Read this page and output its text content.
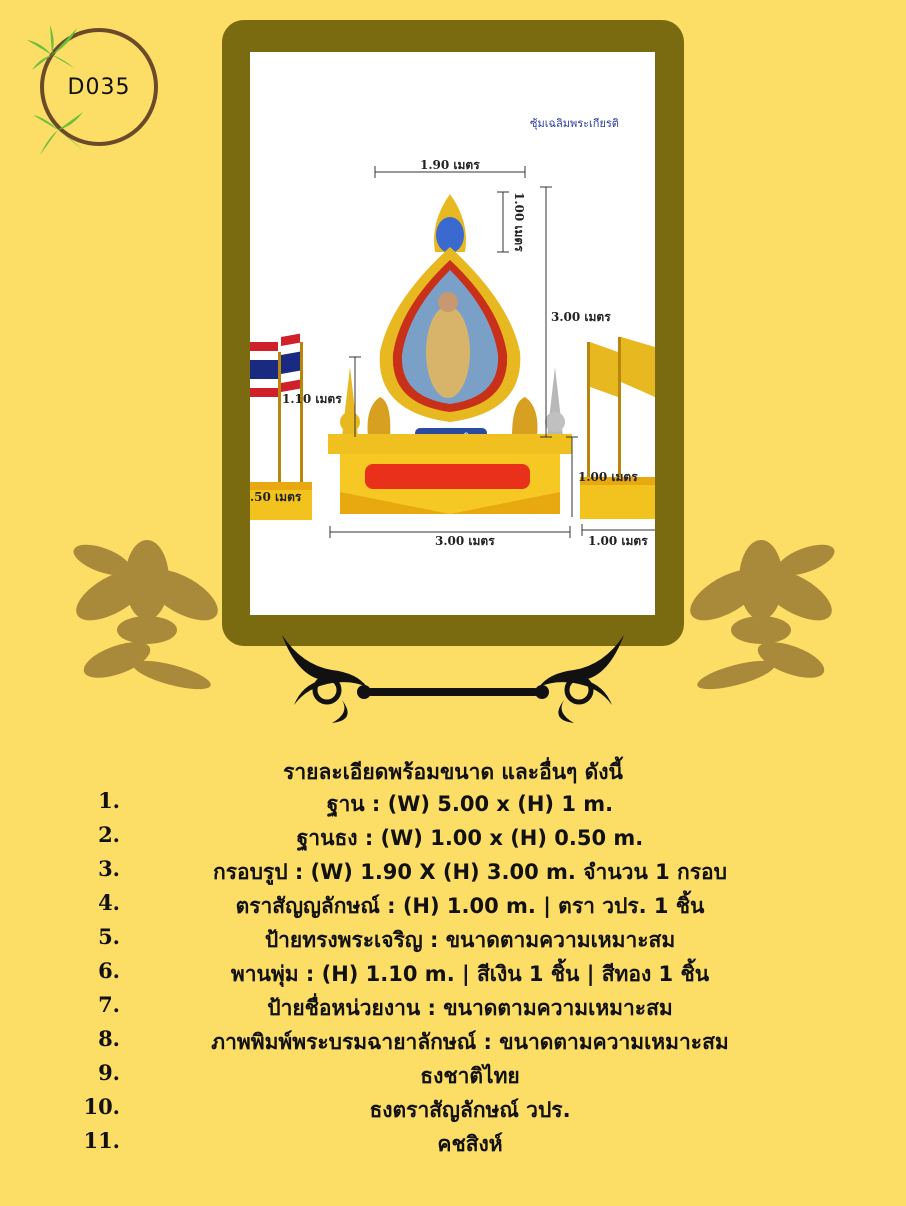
D035
ซุ้มเฉลิมพระเกียรติ
1.90 เมตร
1.00 เมตร
3.00 เมตร
1.10 เมตร
.50 เมตร
1.00 เมตร
3.00 เมตร	1.00 เมตร
รายละเอียดพร้อมขนาด และอื่นๆ ดังนี้
1.	ฐาน : (W) 5.00 x (H) 1 m.
2.	ฐานธง : (W) 1.00 x (H) 0.50 m.
3.	กรอบรูป : (W) 1.90 X (H) 3.00 m. จำนวน 1 กรอบ
4.	ตราสัญญลักษณ์ : (H) 1.00 m. | ตรา วปร. 1 ชิ้น
5.	ป้ายทรงพระเจริญ : ขนาดตามความเหมาะสม
6.	พานพุ่ม : (H) 1.10 m. | สีเงิน 1 ชิ้น | สีทอง 1 ชิ้น
7.	ป้ายชื่อหน่วยงาน : ขนาดตามความเหมาะสม
8.	ภาพพิมพ์พระบรมฉายาลักษณ์ : ขนาดตามความเหมาะสม
9.	ธงชาติไทย
10.	ธงตราสัญลักษณ์ วปร.
11.	คชสิงห์
